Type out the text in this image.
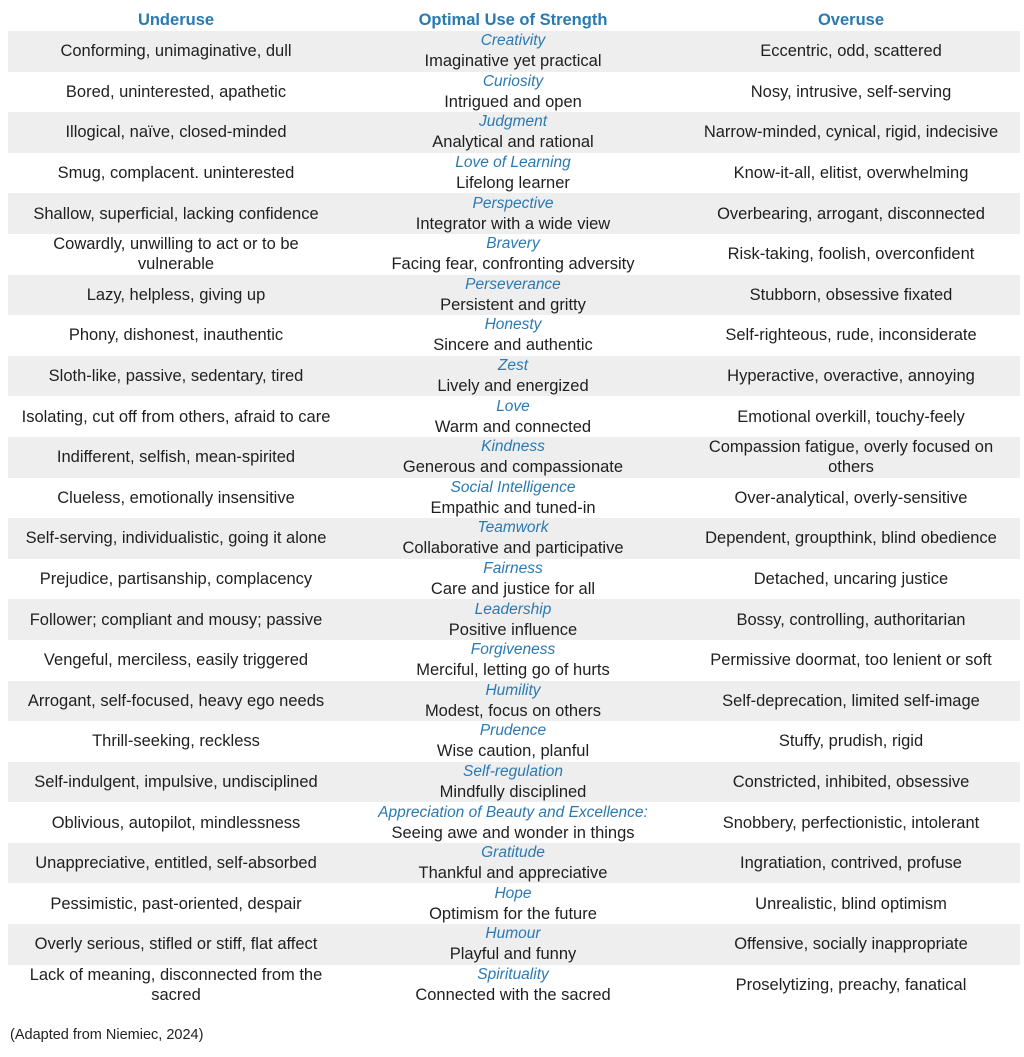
Underuse	Optimal Use of Strength	Overuse
Conforming, unimaginative, dull
Creativity
Imaginative yet practical
Eccentric, odd, scattered
Bored, uninterested, apathetic
Curiosity
Intrigued and open
Nosy, intrusive, self-serving
Illogical, naïve, closed-minded
Judgment
Analytical and rational
Narrow-minded, cynical, rigid, indecisive
Smug, complacent. uninterested
Love of Learning
Lifelong learner
Know-it-all, elitist, overwhelming
Shallow, superficial, lacking confidence
Perspective
Integrator with a wide view
Overbearing, arrogant, disconnected
Cowardly, unwilling to act or to be vulnerable
Bravery
Facing fear, confronting adversity
Risk-taking, foolish, overconfident
Lazy, helpless, giving up
Perseverance
Persistent and gritty
Stubborn, obsessive fixated
Phony, dishonest, inauthentic
Honesty
Sincere and authentic
Self-righteous, rude, inconsiderate
Sloth-like, passive, sedentary, tired
Zest
Lively and energized
Hyperactive, overactive, annoying
Isolating, cut off from others, afraid to care
Love
Warm and connected
Emotional overkill, touchy-feely
Indifferent, selfish, mean-spirited
Kindness
Generous and compassionate
Compassion fatigue, overly focused on others
Clueless, emotionally insensitive
Social Intelligence
Empathic and tuned-in
Over-analytical, overly-sensitive
Self-serving, individualistic, going it alone
Teamwork
Collaborative and participative
Dependent, groupthink, blind obedience
Prejudice, partisanship, complacency
Fairness
Care and justice for all
Detached, uncaring justice
Follower; compliant and mousy; passive
Leadership
Positive influence
Bossy, controlling, authoritarian
Vengeful, merciless, easily triggered
Forgiveness
Merciful, letting go of hurts
Permissive doormat, too lenient or soft
Arrogant, self-focused, heavy ego needs
Humility
Modest, focus on others
Self-deprecation, limited self-image
Thrill-seeking, reckless
Prudence
Wise caution, planful
Stuffy, prudish, rigid
Self-indulgent, impulsive, undisciplined
Self-regulation
Mindfully disciplined
Constricted, inhibited, obsessive
Oblivious, autopilot, mindlessness
Appreciation of Beauty and Excellence:
Seeing awe and wonder in things
Snobbery, perfectionistic, intolerant
Unappreciative, entitled, self-absorbed
Gratitude
Thankful and appreciative
Ingratiation, contrived, profuse
Pessimistic, past-oriented, despair
Hope
Optimism for the future
Unrealistic, blind optimism
Overly serious, stifled or stiff, flat affect
Humour
Playful and funny
Offensive, socially inappropriate
Lack of meaning, disconnected from the sacred
Spirituality
Connected with the sacred
Proselytizing, preachy, fanatical
(Adapted from Niemiec, 2024)
